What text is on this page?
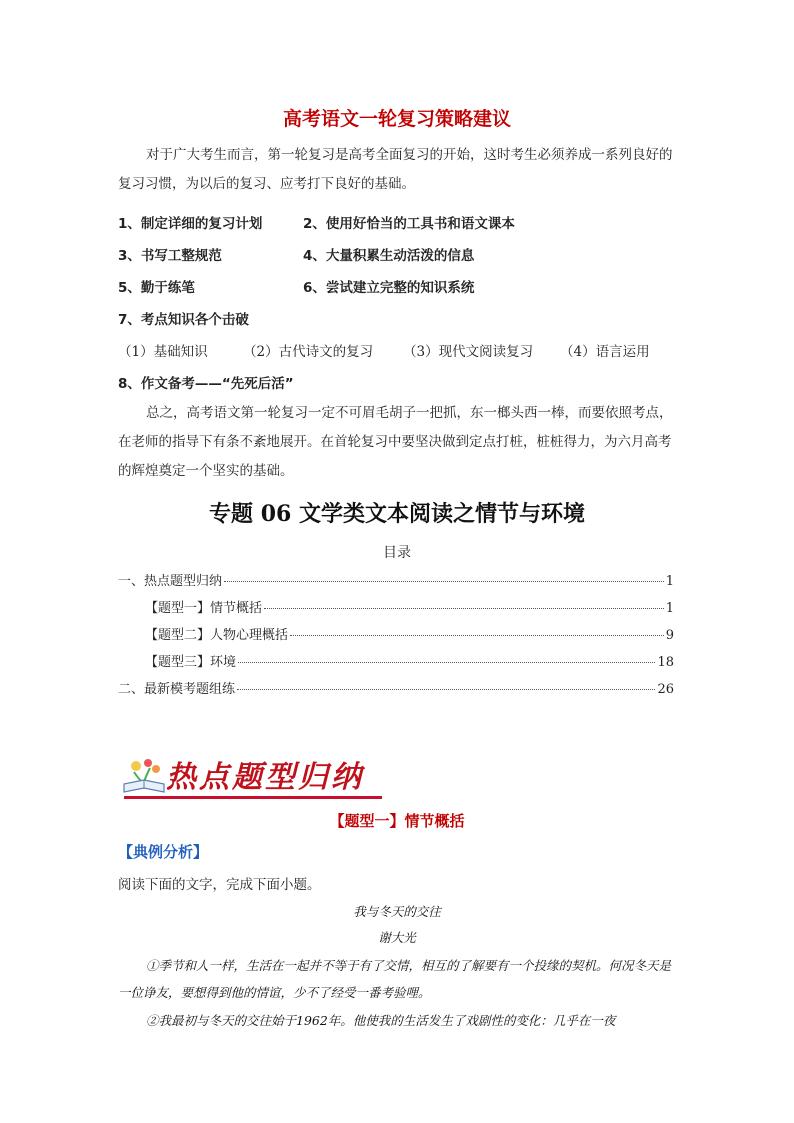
高考语文一轮复习策略建议
对于广大考生而言，第一轮复习是高考全面复习的开始，这时考生必须养成一系列良好的复习习惯，为以后的复习、应考打下良好的基础。
1、制定详细的复习计划	2、使用好恰当的工具书和语文课本
3、书写工整规范	4、大量积累生动活泼的信息
5、勤于练笔	6、尝试建立完整的知识系统
7、考点知识各个击破
（1）基础知识	（2）古代诗文的复习 （3）现代文阅读复习 （4）语言运用
8、作文备考——“先死后活”
总之，高考语文第一轮复习一定不可眉毛胡子一把抓，东一榔头西一棒，而要依照考点，在老师的指导下有条不紊地展开。在首轮复习中要坚决做到定点打桩，桩桩得力，为六月高考的辉煌奠定一个坚实的基础。
专题 06 文学类文本阅读之情节与环境
目录
一、热点题型归纳	1
【题型一】情节概括	1
【题型二】人物心理概括	9
【题型三】环境	18
二、最新模考题组练	26
热点题型归纳
【题型一】情节概括
【典例分析】
阅读下面的文字，完成下面小题。
我与冬天的交往
谢大光
①季节和人一样，生活在一起并不等于有了交情，相互的了解要有一个投缘的契机。何况冬天是一位诤友，要想得到他的情谊，少不了经受一番考验哩。
②我最初与冬天的交往始于1962年。他使我的生活发生了戏剧性的变化：几乎在一夜
